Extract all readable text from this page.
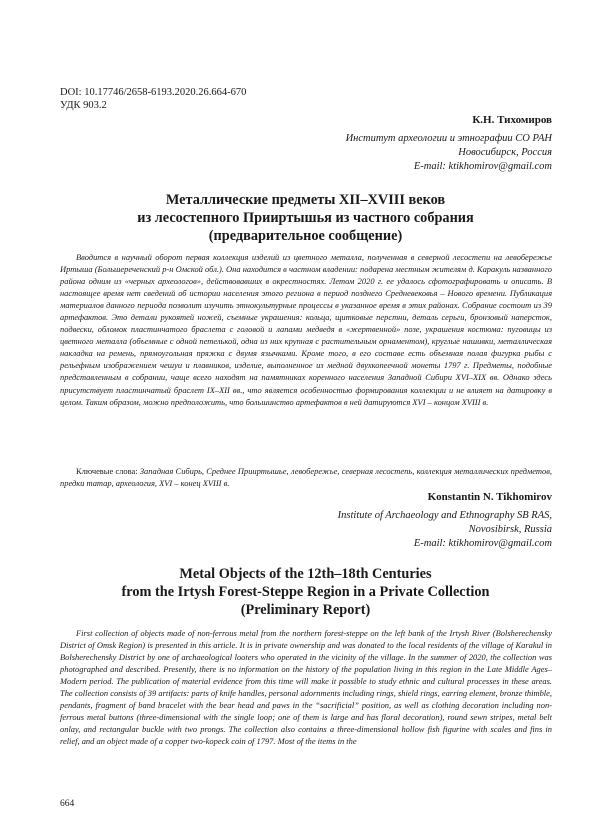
DOI: 10.17746/2658-6193.2020.26.664-670
УДК 903.2
К.Н. Тихомиров
Институт археологии и этнографии СО РАН
Новосибирск, Россия
E-mail: ktikhomirov@gmail.com
Металлические предметы XII–XVIII веков
из лесостепного Прииртышья из частного собрания
(предварительное сообщение)
Вводится в научный оборот первая коллекция изделий из цветного металла, полученная в северной лесостепи на левобережье Иртыша (Большереченский р-н Омской обл.). Она находится в частном владении: подарена местным жителям д. Каракуль названного района одним из «черных археологов», действовавших в окрестностях. Летом 2020 г. ее удалось сфотографировать и описать. В настоящее время нет сведений об истории населения этого региона в период позднего Средневековья – Нового времени. Публикация материалов данного периода позволит изучить этнокультурные процессы в указанное время в этих районах. Собрание состоит из 39 артефактов. Это детали рукоятей ножей, съемные украшения: кольца, щитковые перстни, деталь серьги, бронзовый наперсток, подвески, обломок пластинчатого браслета с головой и лапами медведя в «жертвенной» позе, украшения костюма: пуговицы из цветного металла (объемные с одной петелькой, одна из них крупная с растительным орнаментом), круглые нашивки, металлическая накладка на ремень, прямоугольная пряжка с двумя язычками. Кроме того, в его составе есть объемная полая фигурка рыбы с рельефным изображением чешуи и плавников, изделие, выполненное из медной двухкопеечной монеты 1797 г. Предметы, подобные представленным в собрании, чаще всего находят на памятниках коренного населения Западной Сибири XVI–XIX вв. Однако здесь присутствует пластинчатый браслет IX–XII вв., что является особенностью формирования коллекции и не влияет на датировку в целом. Таким образом, можно предположить, что большинство артефактов в ней датируются XVI – концом XVIII в.
Ключевые слова: Западная Сибирь, Среднее Прииртышье, левобережье, северная лесостепь, коллекция металлических предметов, предки татар, археология, XVI – конец XVIII в.
Konstantin N. Tikhomirov
Institute of Archaeology and Ethnography SB RAS,
Novosibirsk, Russia
E-mail: ktikhomirov@gmail.com
Metal Objects of the 12th–18th Centuries
from the Irtysh Forest-Steppe Region in a Private Collection
(Preliminary Report)
First collection of objects made of non-ferrous metal from the northern forest-steppe on the left bank of the Irtysh River (Bolsherechensky District of Omsk Region) is presented in this article. It is in private ownership and was donated to the local residents of the village of Karakul in Bolsherechensky District by one of archaeological looters who operated in the vicinity of the village. In the summer of 2020, the collection was photographed and described. Presently, there is no information on the history of the population living in this region in the Late Middle Ages–Modern period. The publication of material evidence from this time will make it possible to study ethnic and cultural processes in these areas. The collection consists of 39 artifacts: parts of knife handles, personal adornments including rings, shield rings, earring element, bronze thimble, pendants, fragment of band bracelet with the bear head and paws in the “sacrificial” position, as well as clothing decoration including non-ferrous metal buttons (three-dimensional with the single loop; one of them is large and has floral decoration), round sewn stripes, metal belt onlay, and rectangular buckle with two prongs. The collection also contains a three-dimensional hollow fish figurine with scales and fins in relief, and an object made of a copper two-kopeck coin of 1797. Most of the items in the
664
